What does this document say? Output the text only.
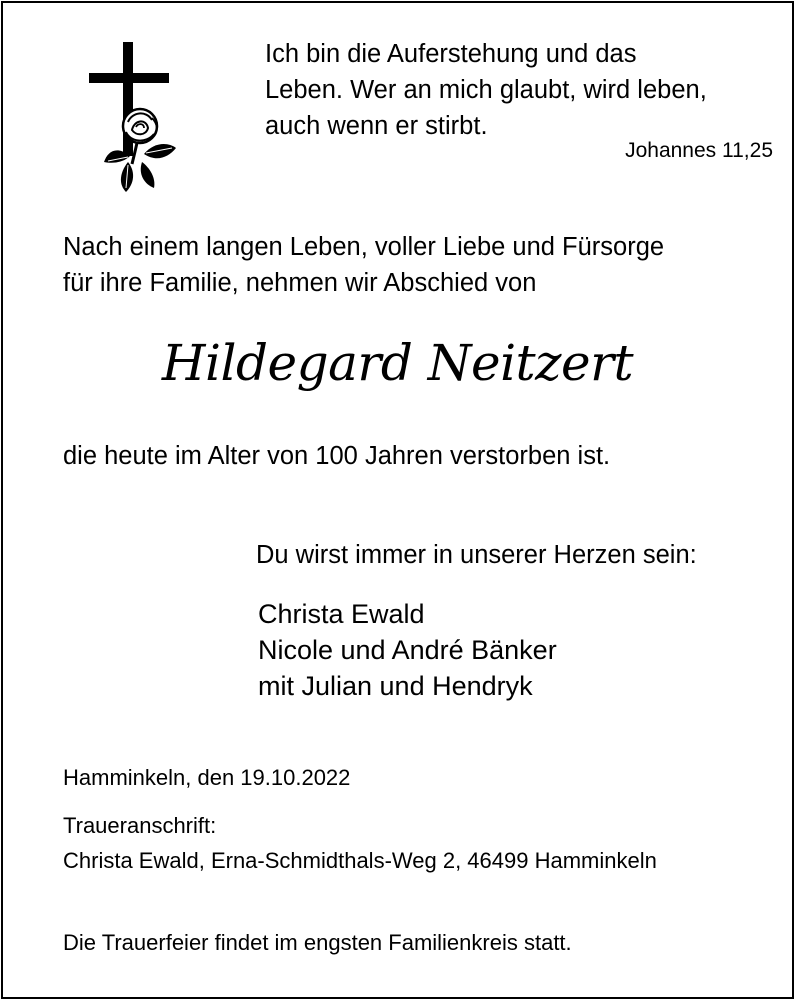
Ich bin die Auferstehung und das
Leben. Wer an mich glaubt, wird leben,
auch wenn er stirbt.
Johannes 11,25
Nach einem langen Leben, voller Liebe und Fürsorge
für ihre Familie, nehmen wir Abschied von
Hildegard Neitzert
die heute im Alter von 100 Jahren verstorben ist.
Du wirst immer in unserer Herzen sein:
Christa Ewald
Nicole und André Bänker
mit Julian und Hendryk
Hamminkeln, den 19.10.2022
Traueranschrift:
Christa Ewald, Erna-Schmidthals-Weg 2, 46499 Hamminkeln
Die Trauerfeier findet im engsten Familienkreis statt.
